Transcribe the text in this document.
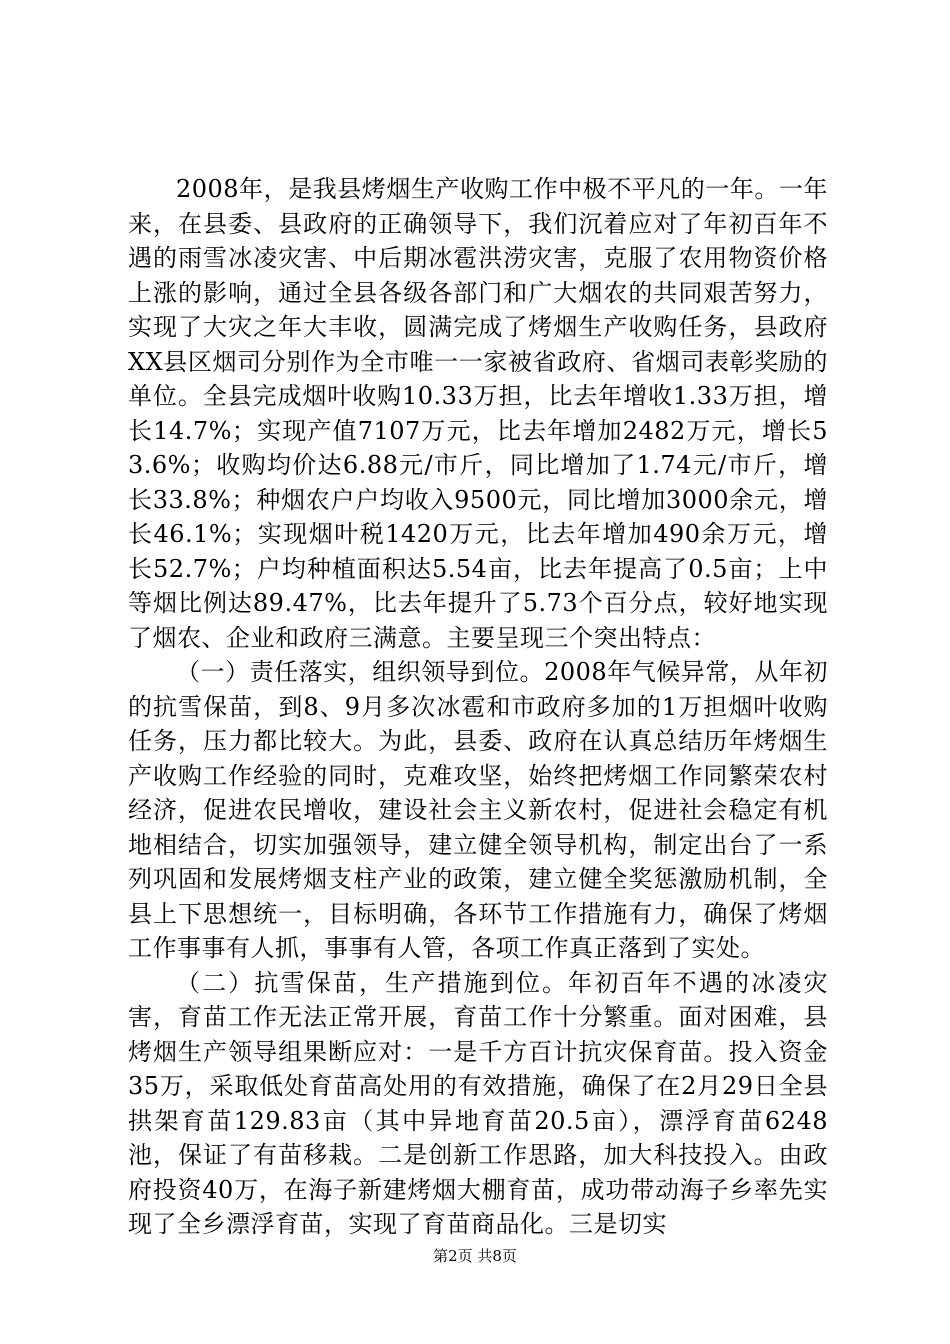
2008年，是我县烤烟生产收购工作中极不平凡的一年。一年来，在县委、县政府的正确领导下，我们沉着应对了年初百年不遇的雨雪冰凌灾害、中后期冰雹洪涝灾害，克服了农用物资价格上涨的影响，通过全县各级各部门和广大烟农的共同艰苦努力，实现了大灾之年大丰收，圆满完成了烤烟生产收购任务，县政府XX县区烟司分别作为全市唯一一家被省政府、省烟司表彰奖励的单位。全县完成烟叶收购10.33万担，比去年增收1.33万担，增长14.7%；实现产值7107万元，比去年增加2482万元，增长53.6%；收购均价达6.88元/市斤，同比增加了1.74元/市斤，增长33.8%；种烟农户户均收入9500元，同比增加3000余元，增长46.1%；实现烟叶税1420万元，比去年增加490余万元，增长52.7%；户均种植面积达5.54亩，比去年提高了0.5亩；上中等烟比例达89.47%，比去年提升了5.73个百分点，较好地实现了烟农、企业和政府三满意。主要呈现三个突出特点：

（一）责任落实，组织领导到位。2008年气候异常，从年初的抗雪保苗，到8、9月多次冰雹和市政府多加的1万担烟叶收购任务，压力都比较大。为此，县委、政府在认真总结历年烤烟生产收购工作经验的同时，克难攻坚，始终把烤烟工作同繁荣农村经济，促进农民增收，建设社会主义新农村，促进社会稳定有机地相结合，切实加强领导，建立健全领导机构，制定出台了一系列巩固和发展烤烟支柱产业的政策，建立健全奖惩激励机制，全县上下思想统一，目标明确，各环节工作措施有力，确保了烤烟工作事事有人抓，事事有人管，各项工作真正落到了实处。

（二）抗雪保苗，生产措施到位。年初百年不遇的冰凌灾害，育苗工作无法正常开展，育苗工作十分繁重。面对困难，县烤烟生产领导组果断应对：一是千方百计抗灾保育苗。投入资金35万，采取低处育苗高处用的有效措施，确保了在2月29日全县拱架育苗129.83亩（其中异地育苗20.5亩），漂浮育苗6248池，保证了有苗移栽。二是创新工作思路，加大科技投入。由政府投资40万，在海子新建烤烟大棚育苗，成功带动海子乡率先实现了全乡漂浮育苗，实现了育苗商品化。三是切实

第2页 共8页
